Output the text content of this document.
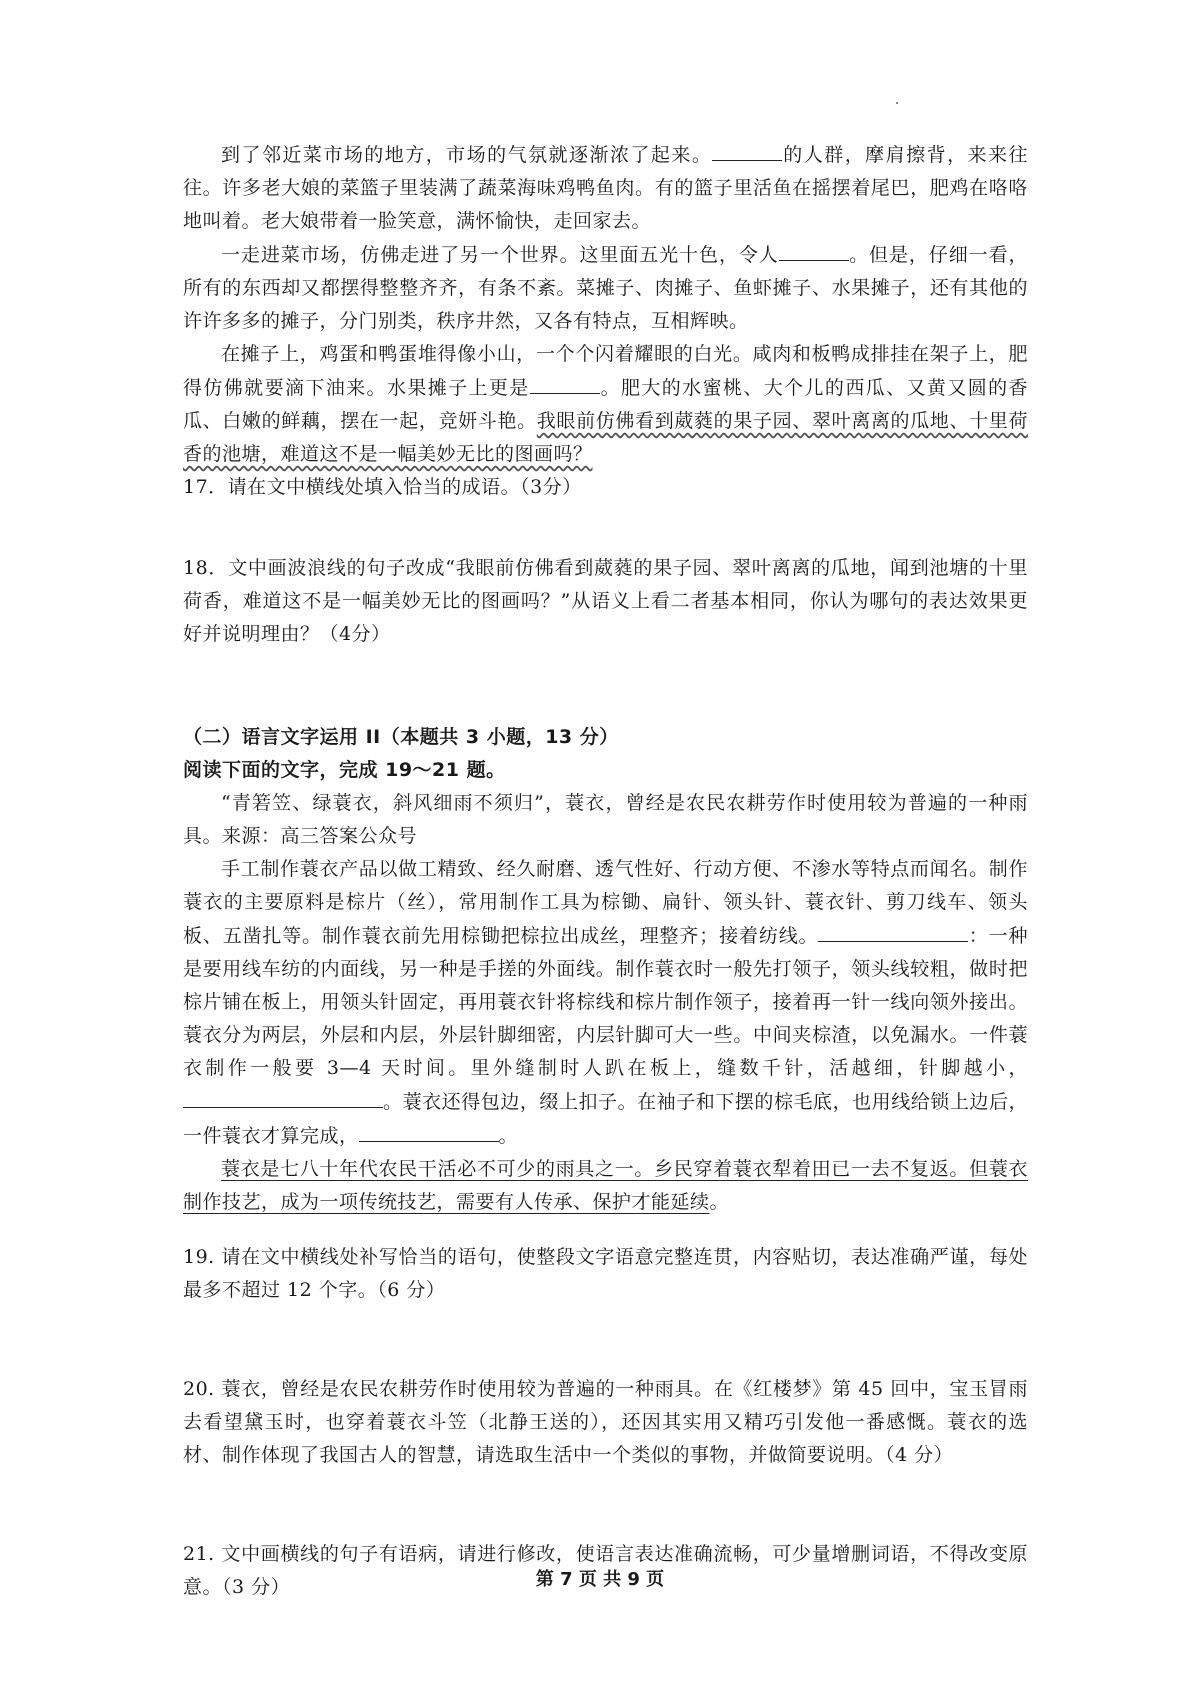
到了邻近菜市场的地方，市场的气氛就逐渐浓了起来。	的人群，摩肩擦背，来来往往。许多老大娘的菜篮子里装满了蔬菜海味鸡鸭鱼肉。有的篮子里活鱼在摇摆着尾巴，肥鸡在咯咯地叫着。老大娘带着一脸笑意，满怀愉快，走回家去。

一走进菜市场，仿佛走进了另一个世界。这里面五光十色，令人	。但是，仔细一看，所有的东西却又都摆得整整齐齐，有条不紊。菜摊子、肉摊子、鱼虾摊子、水果摊子，还有其他的许许多多的摊子，分门别类，秩序井然，又各有特点，互相辉映。

在摊子上，鸡蛋和鸭蛋堆得像小山，一个个闪着耀眼的白光。咸肉和板鸭成排挂在架子上，肥得仿佛就要滴下油来。水果摊子上更是	。肥大的水蜜桃、大个儿的西瓜、又黄又圆的香瓜、白嫩的鲜藕，摆在一起，竞妍斗艳。我眼前仿佛看到葳蕤的果子园、翠叶离离的瓜地、十里荷香的池塘，难道这不是一幅美妙无比的图画吗？

17．请在文中横线处填入恰当的成语。（3分）

18．文中画波浪线的句子改成“我眼前仿佛看到葳蕤的果子园、翠叶离离的瓜地，闻到池塘的十里荷香，难道这不是一幅美妙无比的图画吗？”从语义上看二者基本相同，你认为哪句的表达效果更好并说明理由？（4分）

（二）语言文字运用 II（本题共 3 小题，13 分）

阅读下面的文字，完成 19～21 题。

“青箬笠、绿蓑衣，斜风细雨不须归”，蓑衣，曾经是农民农耕劳作时使用较为普遍的一种雨具。来源：高三答案公众号

手工制作蓑衣产品以做工精致、经久耐磨、透气性好、行动方便、不渗水等特点而闻名。制作蓑衣的主要原料是棕片（丝），常用制作工具为棕锄、扁针、领头针、蓑衣针、剪刀线车、领头板、五凿扎等。制作蓑衣前先用棕锄把棕拉出成丝，理整齐；接着纺线。	：一种是要用线车纺的内面线，另一种是手搓的外面线。制作蓑衣时一般先打领子，领头线较粗，做时把棕片铺在板上，用领头针固定，再用蓑衣针将棕线和棕片制作领子，接着再一针一线向领外接出。蓑衣分为两层，外层和内层，外层针脚细密，内层针脚可大一些。中间夹棕渣，以免漏水。一件蓑衣制作一般要 3—4 天时间。里外缝制时人趴在板上，缝数千针，活越细，针脚越小，。蓑衣还得包边，缀上扣子。在袖子和下摆的棕毛底，也用线给锁上边后，一件蓑衣才算完成，	。

蓑衣是七八十年代农民干活必不可少的雨具之一。乡民穿着蓑衣犁着田已一去不复返。但蓑衣制作技艺，成为一项传统技艺，需要有人传承、保护才能延续。

19. 请在文中横线处补写恰当的语句，使整段文字语意完整连贯，内容贴切，表达准确严谨，每处最多不超过 12 个字。（6 分）

20. 蓑衣，曾经是农民农耕劳作时使用较为普遍的一种雨具。在《红楼梦》第 45 回中，宝玉冒雨去看望黛玉时，也穿着蓑衣斗笠（北静王送的），还因其实用又精巧引发他一番感慨。蓑衣的选材、制作体现了我国古人的智慧，请选取生活中一个类似的事物，并做简要说明。（4 分）

21. 文中画横线的句子有语病，请进行修改，使语言表达准确流畅，可少量增删词语，不得改变原意。（3 分）	第 7 页 共 9 页
